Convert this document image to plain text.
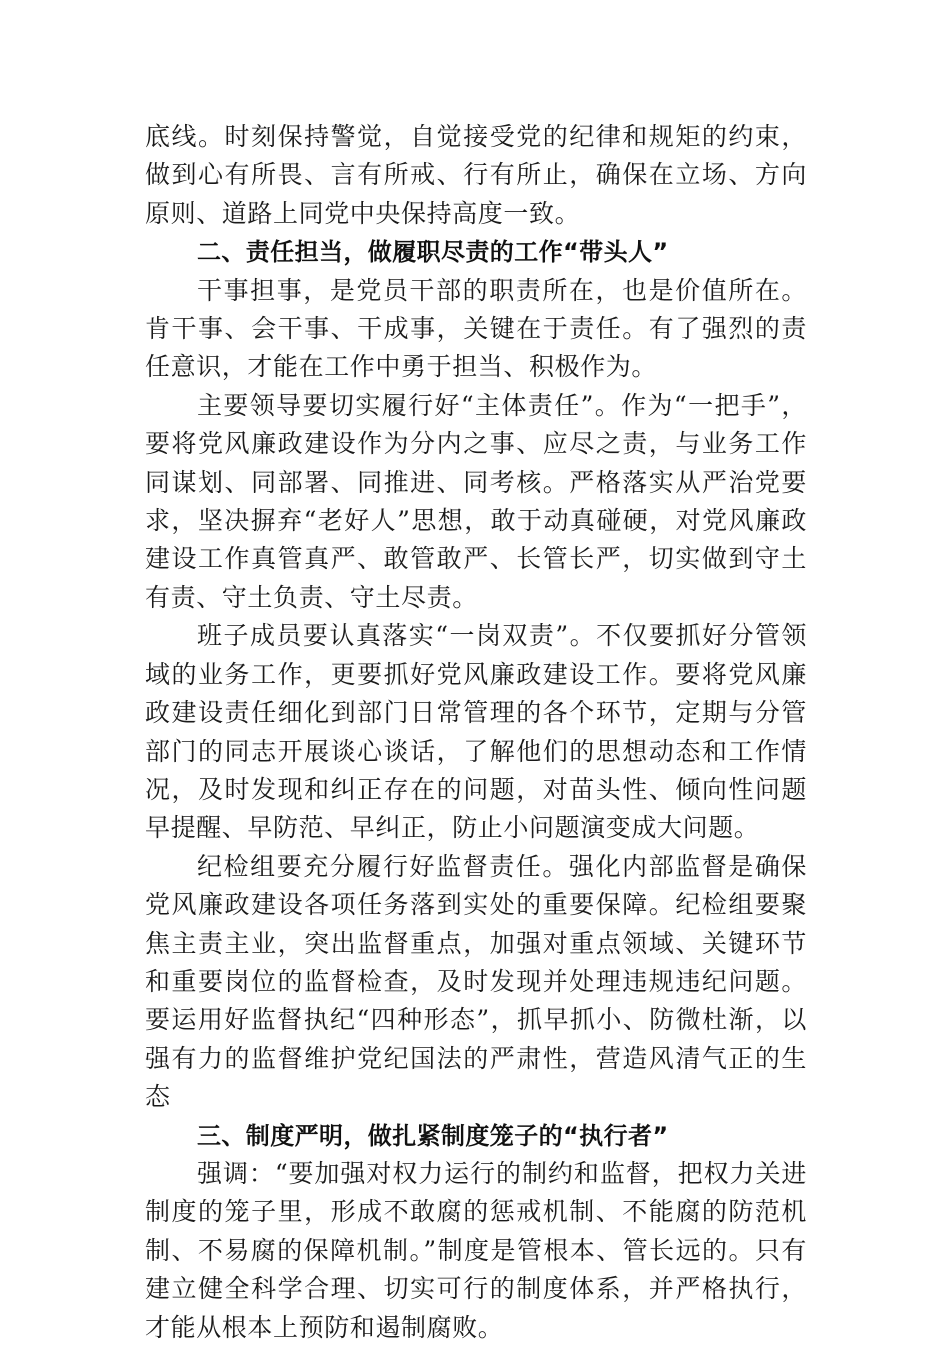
底线。时刻保持警觉，自觉接受党的纪律和规矩的约束，做到心有所畏、言有所戒、行有所止，确保在立场、方向原则、道路上同党中央保持高度一致。

二、责任担当，做履职尽责的工作“带头人”

干事担事，是党员干部的职责所在，也是价值所在。肯干事、会干事、干成事，关键在于责任。有了强烈的责任意识，才能在工作中勇于担当、积极作为。

主要领导要切实履行好“主体责任”。作为“一把手”，要将党风廉政建设作为分内之事、应尽之责，与业务工作同谋划、同部署、同推进、同考核。严格落实从严治党要求，坚决摒弃“老好人”思想，敢于动真碰硬，对党风廉政建设工作真管真严、敢管敢严、长管长严，切实做到守土有责、守土负责、守土尽责。

班子成员要认真落实“一岗双责”。不仅要抓好分管领域的业务工作，更要抓好党风廉政建设工作。要将党风廉政建设责任细化到部门日常管理的各个环节，定期与分管部门的同志开展谈心谈话，了解他们的思想动态和工作情况，及时发现和纠正存在的问题，对苗头性、倾向性问题早提醒、早防范、早纠正，防止小问题演变成大问题。

纪检组要充分履行好监督责任。强化内部监督是确保党风廉政建设各项任务落到实处的重要保障。纪检组要聚焦主责主业，突出监督重点，加强对重点领域、关键环节和重要岗位的监督检查，及时发现并处理违规违纪问题。要运用好监督执纪“四种形态”，抓早抓小、防微杜渐，以强有力的监督维护党纪国法的严肃性，营造风清气正的生态

三、制度严明，做扎紧制度笼子的“执行者”

强调：“要加强对权力运行的制约和监督，把权力关进制度的笼子里，形成不敢腐的惩戒机制、不能腐的防范机制、不易腐的保障机制。”制度是管根本、管长远的。只有建立健全科学合理、切实可行的制度体系，并严格执行，才能从根本上预防和遏制腐败。
